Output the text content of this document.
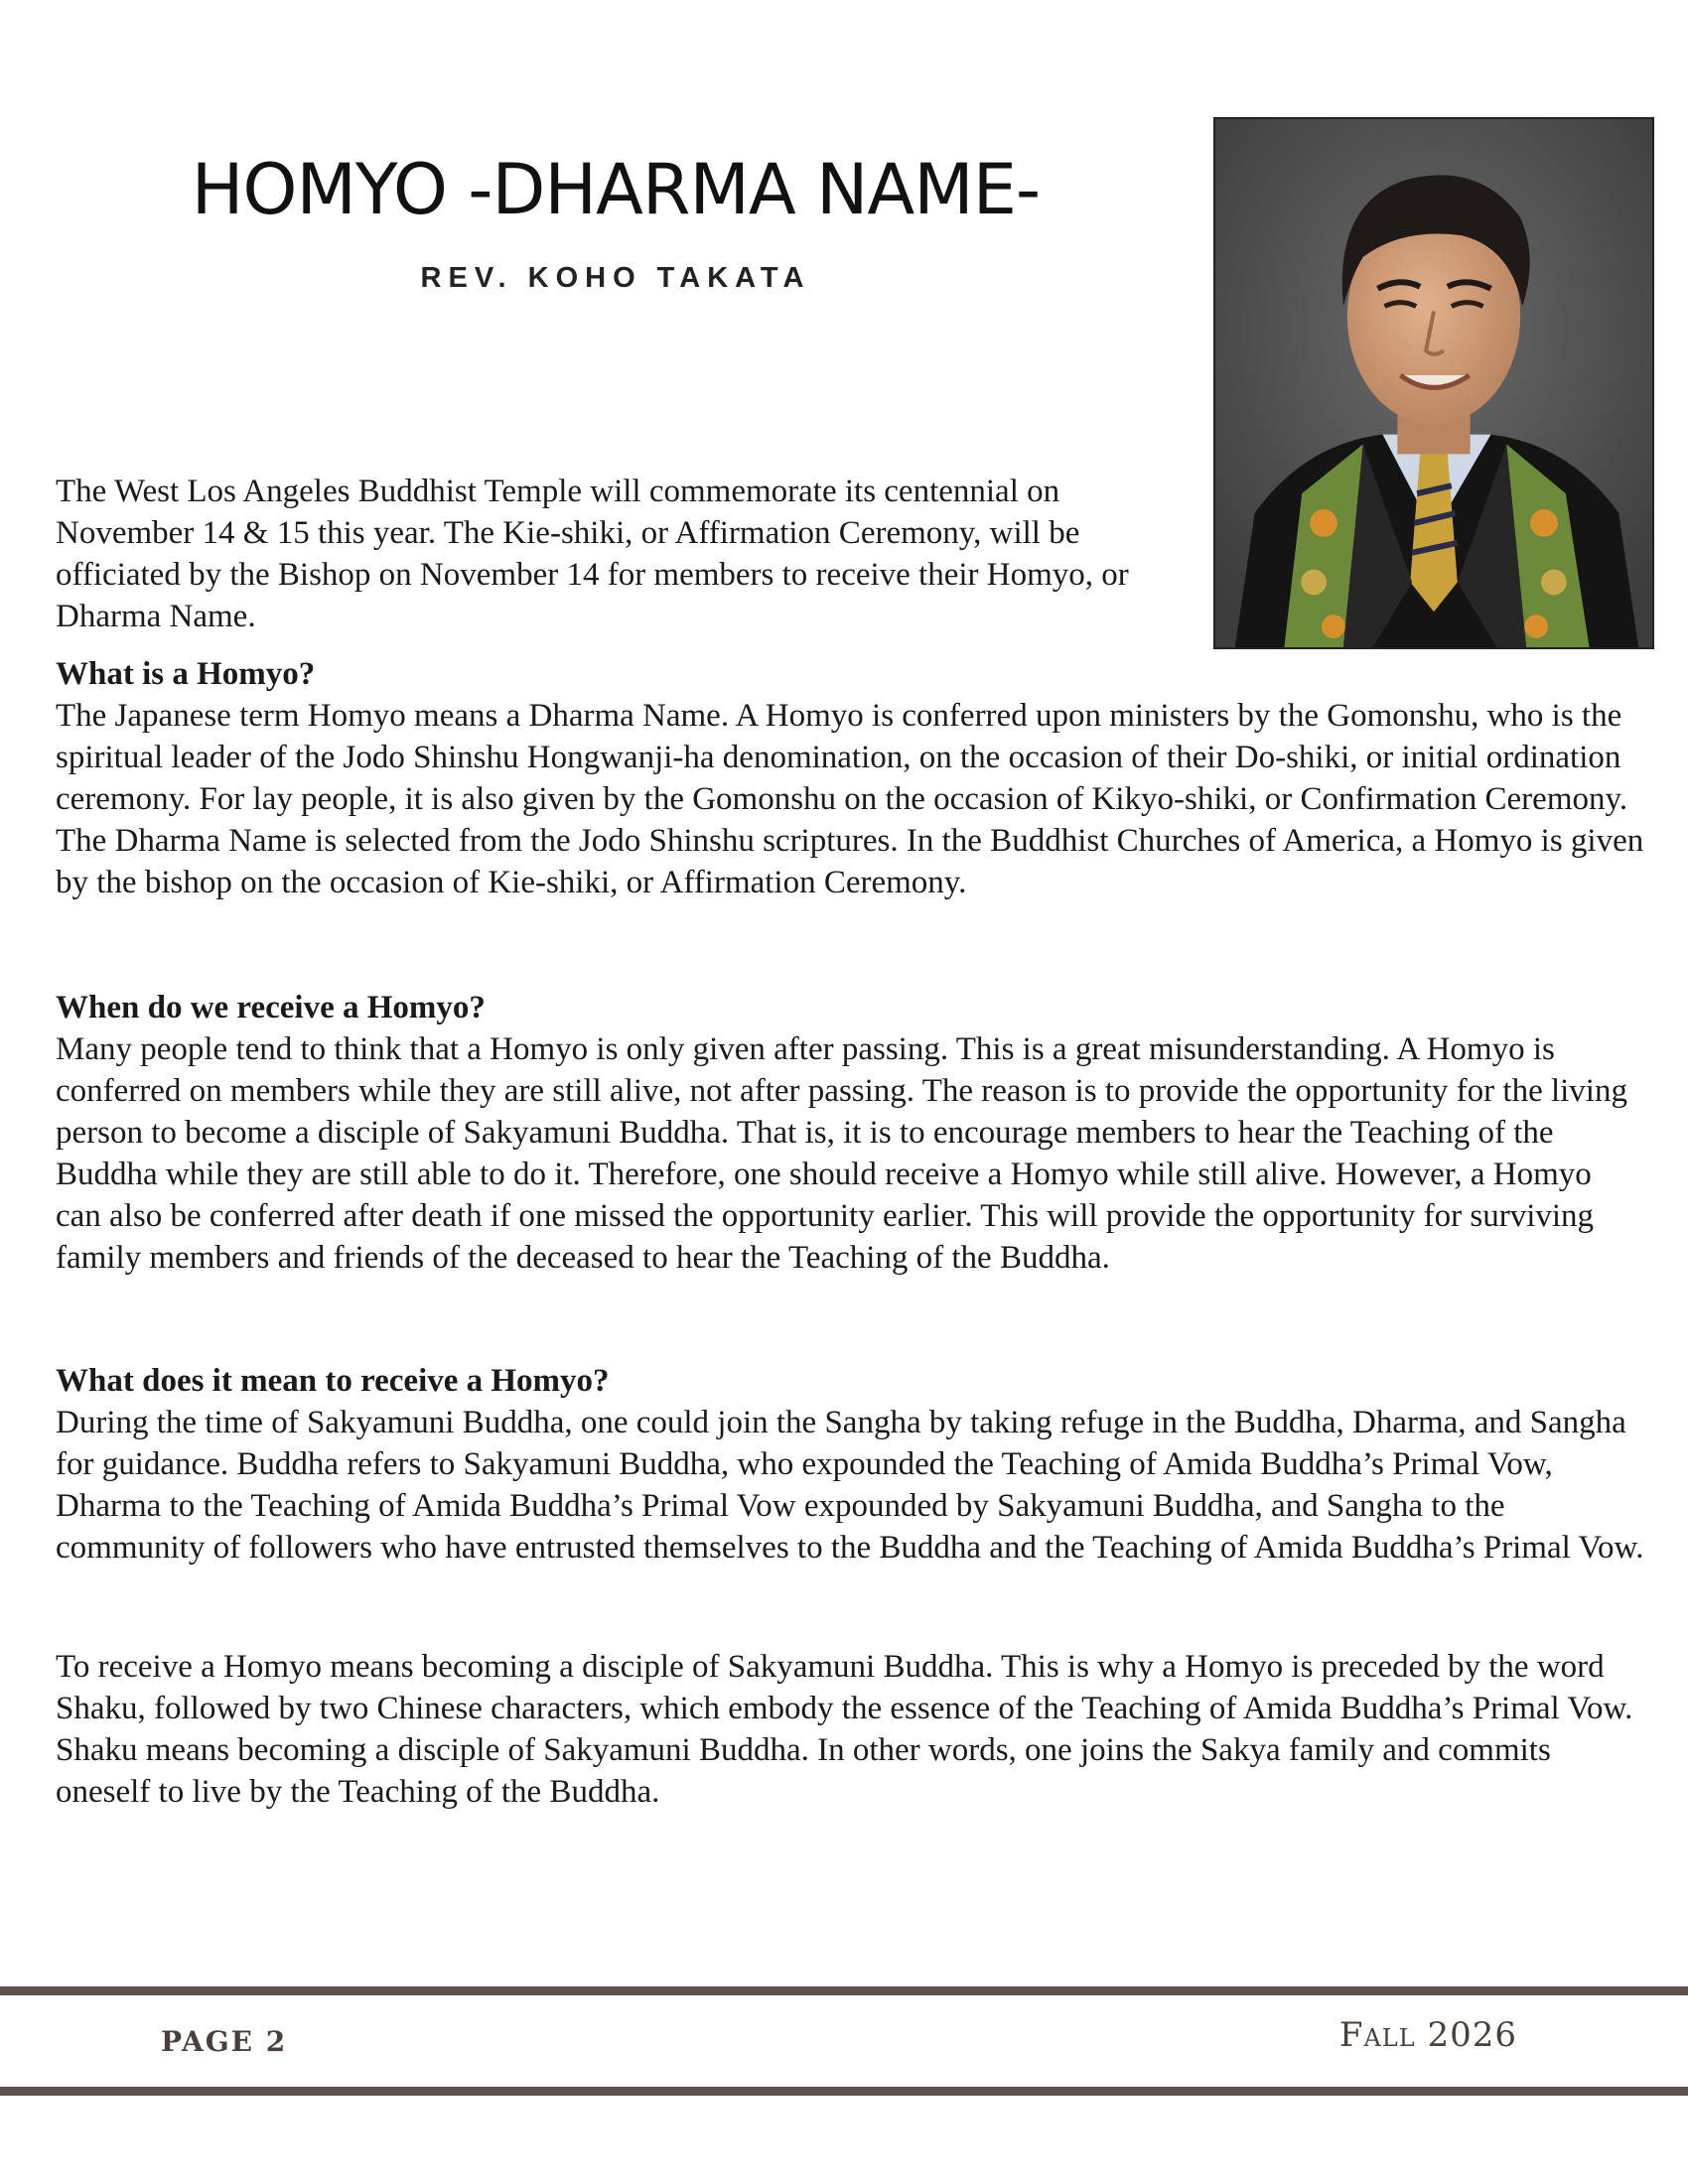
HOMYO -DHARMA NAME-
REV. KOHO TAKATA

The West Los Angeles Buddhist Temple will commemorate its centennial on November 14 & 15 this year. The Kie-shiki, or Affirmation Ceremony, will be officiated by the Bishop on November 14 for members to receive their Homyo, or Dharma Name.

What is a Homyo?

The Japanese term Homyo means a Dharma Name. A Homyo is conferred upon ministers by the Gomonshu, who is the spiritual leader of the Jodo Shinshu Hongwanji-ha denomination, on the occasion of their Do-shiki, or initial ordination ceremony. For lay people, it is also given by the Gomonshu on the occasion of Kikyo-shiki, or Confirmation Ceremony. The Dharma Name is selected from the Jodo Shinshu scriptures. In the Buddhist Churches of America, a Homyo is given by the bishop on the occasion of Kie-shiki, or Affirmation Ceremony.

When do we receive a Homyo?

Many people tend to think that a Homyo is only given after passing. This is a great misunderstanding. A Homyo is conferred on members while they are still alive, not after passing. The reason is to provide the opportunity for the living person to become a disciple of Sakyamuni Buddha. That is, it is to encourage members to hear the Teaching of the Buddha while they are still able to do it. Therefore, one should receive a Homyo while still alive. However, a Homyo can also be conferred after death if one missed the opportunity earlier. This will provide the opportunity for surviving family members and friends of the deceased to hear the Teaching of the Buddha.

What does it mean to receive a Homyo?

During the time of Sakyamuni Buddha, one could join the Sangha by taking refuge in the Buddha, Dharma, and Sangha for guidance. Buddha refers to Sakyamuni Buddha, who expounded the Teaching of Amida Buddha’s Primal Vow, Dharma to the Teaching of Amida Buddha’s Primal Vow expounded by Sakyamuni Buddha, and Sangha to the community of followers who have entrusted themselves to the Buddha and the Teaching of Amida Buddha’s Primal Vow.

To receive a Homyo means becoming a disciple of Sakyamuni Buddha. This is why a Homyo is preceded by the word Shaku, followed by two Chinese characters, which embody the essence of the Teaching of Amida Buddha’s Primal Vow. Shaku means becoming a disciple of Sakyamuni Buddha. In other words, one joins the Sakya family and commits oneself to live by the Teaching of the Buddha.

PAGE 2	Fall 2026
